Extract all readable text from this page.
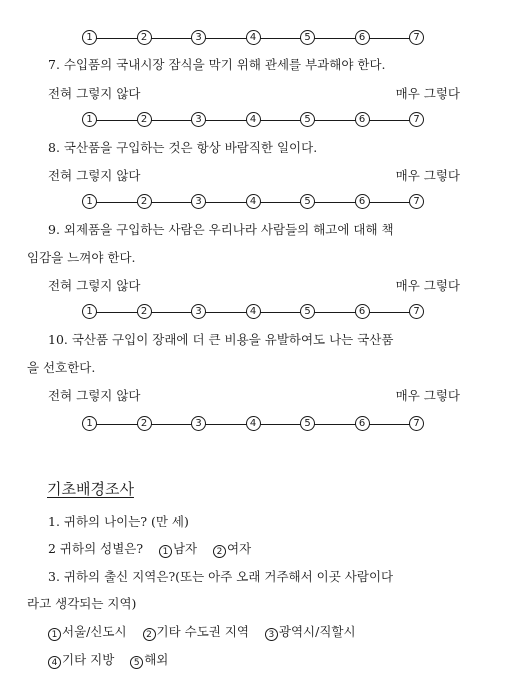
1	2	3	4	5	6	7
7. 수입품의 국내시장 잠식을 막기 위해 관세를 부과해야 한다.
전혀 그렇지 않다	매우 그렇다
1	2	3	4	5	6	7
8. 국산품을 구입하는 것은 항상 바람직한 일이다.
전혀 그렇지 않다	매우 그렇다
1	2	3	4	5	6	7
9. 외제품을 구입하는 사람은 우리나라 사람들의 해고에 대해 책
임감을 느껴야 한다.
전혀 그렇지 않다	매우 그렇다
1	2	3	4	5	6	7
10. 국산품 구입이 장래에 더 큰 비용을 유발하여도 나는 국산품
을 선호한다.
전혀 그렇지 않다	매우 그렇다
1	2	3	4	5	6	7
기초배경조사
1. 귀하의 나이는? (만 세)
2 귀하의 성별은? 1 남자 2 여자
3. 귀하의 출신 지역은?(또는 아주 오래 거주해서 이곳 사람이다
라고 생각되는 지역)
1 서울/신도시 2 기타 수도권 지역 3 광역시/직할시
4 기타 지방 5 해외
